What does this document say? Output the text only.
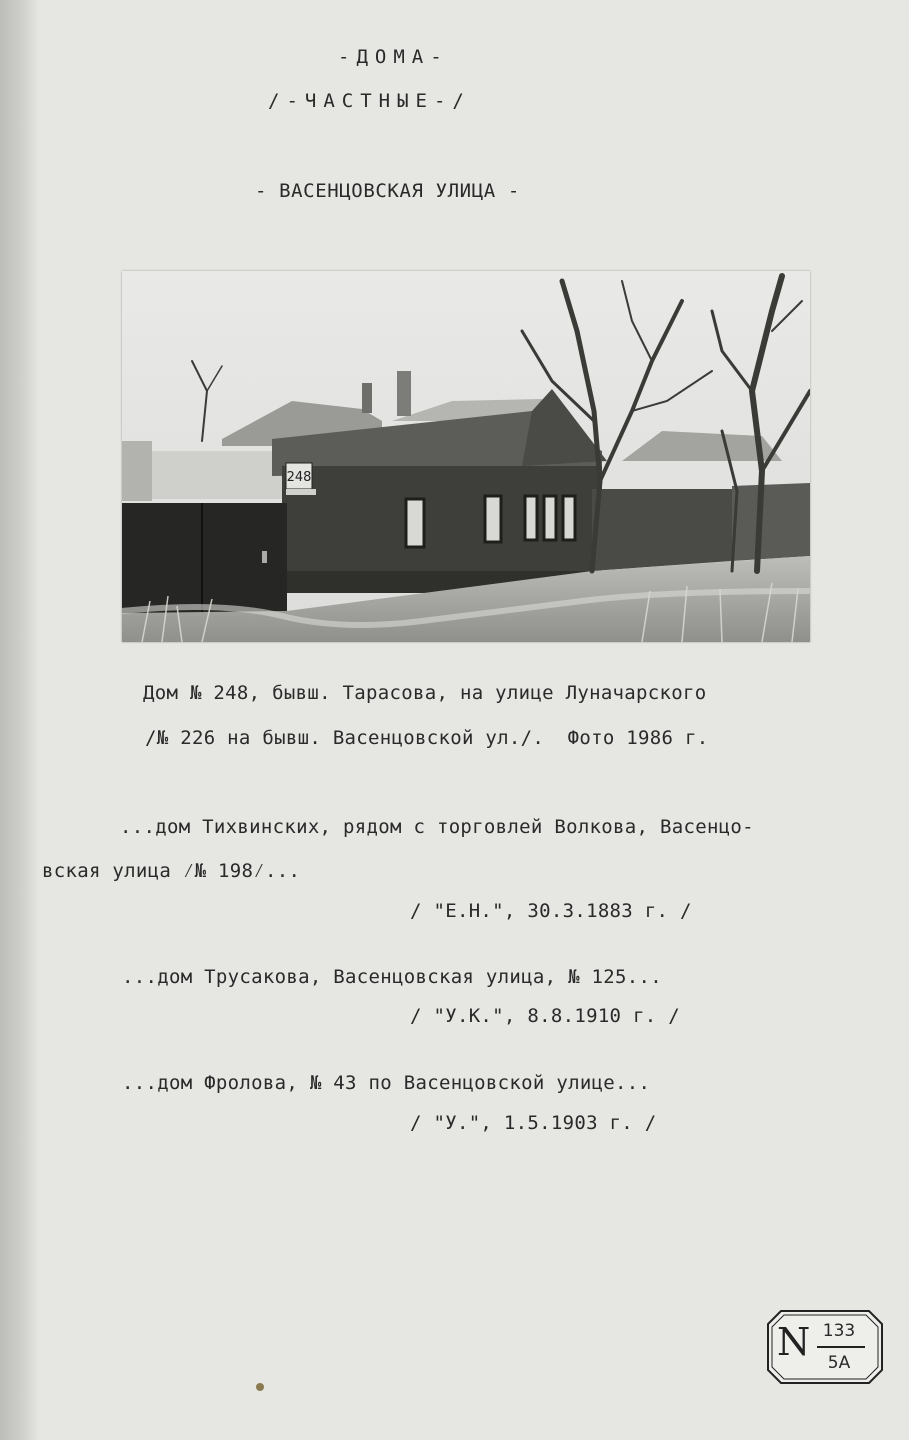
-ДОМА-
/-ЧАСТНЫЕ-/
- ВАСЕНЦОВСКАЯ УЛИЦА -
248
Дом № 248, бывш. Тарасова, на улице Луначарского
/№ 226 на бывш. Васенцовской ул./.  Фото 1986 г.
...дом Тихвинских, рядом с торговлей Волкова, Васенцо-
вская улица ⁄№ 198⁄...
/ "Е.Н.", 30.3.1883 г. /
...дом Трусакова, Васенцовская улица, № 125...
/ "У.К.", 8.8.1910 г. /
...дом Фролова, № 43 по Васенцовской улице...
/ "У.", 1.5.1903 г. /
N 133
5А
